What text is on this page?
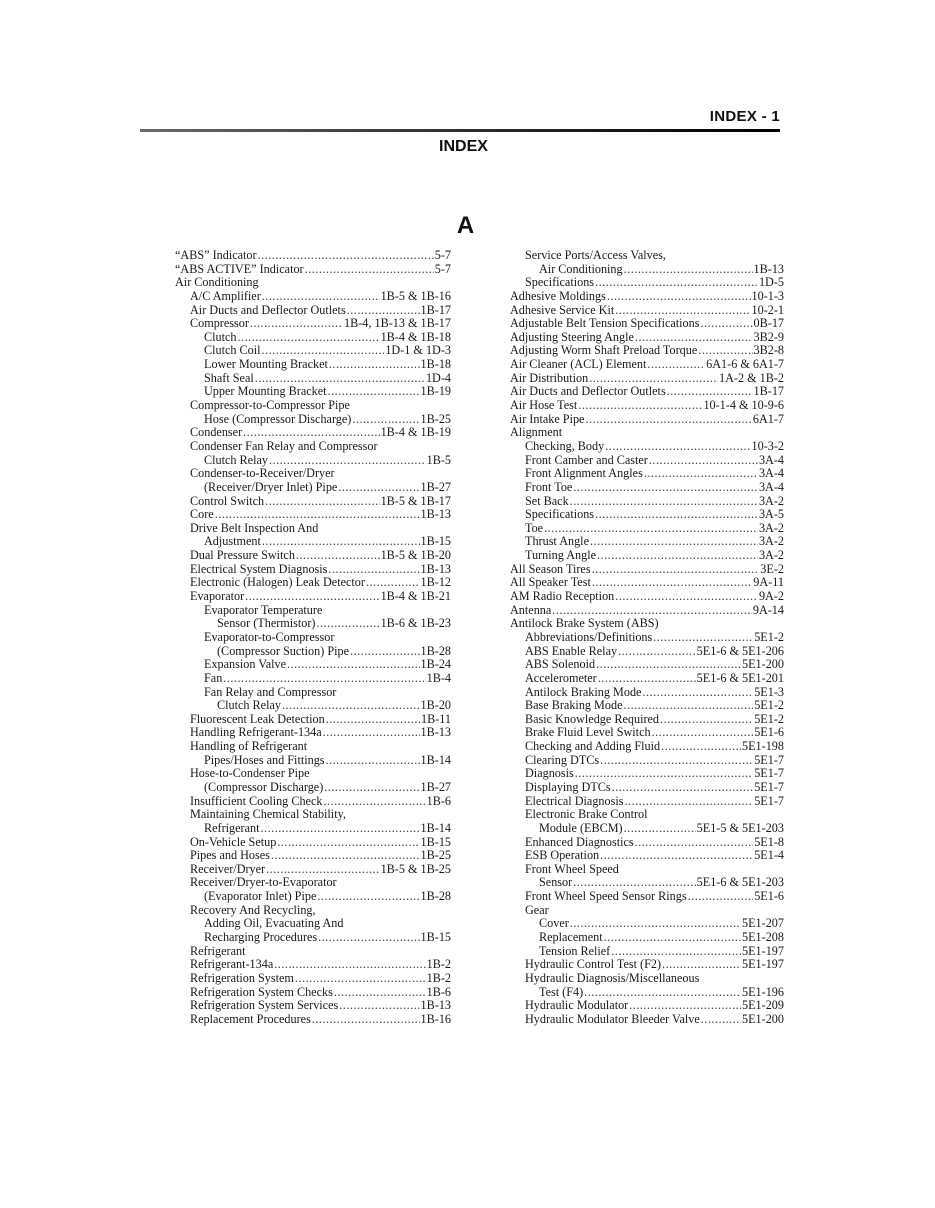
INDEX - 1
INDEX
A
“ABS” Indicator .....	5-7
“ABS ACTIVE” Indicator .....	5-7
Air Conditioning
A/C Amplifier .....	1B-5 & 1B-16
Air Ducts and Deflector Outlets .....	1B-17
Compressor .....	1B-4, 1B-13 & 1B-17
Clutch .....	1B-4 & 1B-18
Clutch Coil .....	1D-1 & 1D-3
Lower Mounting Bracket .....	1B-18
Shaft Seal .....	1D-4
Upper Mounting Bracket .....	1B-19
Compressor-to-Compressor Pipe
Hose (Compressor Discharge) .....	1B-25
Condenser .....	1B-4 & 1B-19
Condenser Fan Relay and Compressor
Clutch Relay .....	1B-5
Condenser-to-Receiver/Dryer
(Receiver/Dryer Inlet) Pipe .....	1B-27
Control Switch .....	1B-5 & 1B-17
Core .....	1B-13
Drive Belt Inspection And
Adjustment .....	1B-15
Dual Pressure Switch .....	1B-5 & 1B-20
Electrical System Diagnosis .....	1B-13
Electronic (Halogen) Leak Detector .....	1B-12
Evaporator .....	1B-4 & 1B-21
Evaporator Temperature
Sensor (Thermistor) .....	1B-6 & 1B-23
Evaporator-to-Compressor
(Compressor Suction) Pipe .....	1B-28
Expansion Valve .....	1B-24
Fan .....	1B-4
Fan Relay and Compressor
Clutch Relay .....	1B-20
Fluorescent Leak Detection .....	1B-11
Handling Refrigerant-134a .....	1B-13
Handling of Refrigerant
Pipes/Hoses and Fittings .....	1B-14
Hose-to-Condenser Pipe
(Compressor Discharge) .....	1B-27
Insufficient Cooling Check .....	1B-6
Maintaining Chemical Stability,
Refrigerant .....	1B-14
On-Vehicle Setup .....	1B-15
Pipes and Hoses .....	1B-25
Receiver/Dryer .....	1B-5 & 1B-25
Receiver/Dryer-to-Evaporator
(Evaporator Inlet) Pipe .....	1B-28
Recovery And Recycling,
Adding Oil, Evacuating And
Recharging Procedures .....	1B-15
Refrigerant
Refrigerant-134a .....	1B-2
Refrigeration System .....	1B-2
Refrigeration System Checks .....	1B-6
Refrigeration System Services .....	1B-13
Replacement Procedures .....	1B-16
Service Ports/Access Valves,
Air Conditioning .....	1B-13
Specifications .....	1D-5
Adhesive Moldings .....	10-1-3
Adhesive Service Kit .....	10-2-1
Adjustable Belt Tension Specifications .....	0B-17
Adjusting Steering Angle .....	3B2-9
Adjusting Worm Shaft Preload Torque .....	3B2-8
Air Cleaner (ACL) Element .....	6A1-6 & 6A1-7
Air Distribution .....	1A-2 & 1B-2
Air Ducts and Deflector Outlets .....	1B-17
Air Hose Test .....	10-1-4 & 10-9-6
Air Intake Pipe .....	6A1-7
Alignment
Checking, Body .....	10-3-2
Front Camber and Caster .....	3A-4
Front Alignment Angles .....	3A-4
Front Toe .....	3A-4
Set Back .....	3A-2
Specifications .....	3A-5
Toe .....	3A-2
Thrust Angle .....	3A-2
Turning Angle .....	3A-2
All Season Tires .....	3E-2
All Speaker Test .....	9A-11
AM Radio Reception .....	9A-2
Antenna .....	9A-14
Antilock Brake System (ABS)
Abbreviations/Definitions .....	5E1-2
ABS Enable Relay .....	5E1-6 & 5E1-206
ABS Solenoid .....	5E1-200
Accelerometer .....	5E1-6 & 5E1-201
Antilock Braking Mode .....	5E1-3
Base Braking Mode .....	5E1-2
Basic Knowledge Required .....	5E1-2
Brake Fluid Level Switch .....	5E1-6
Checking and Adding Fluid .....	5E1-198
Clearing DTCs .....	5E1-7
Diagnosis .....	5E1-7
Displaying DTCs .....	5E1-7
Electrical Diagnosis .....	5E1-7
Electronic Brake Control
Module (EBCM) .....	5E1-5 & 5E1-203
Enhanced Diagnostics .....	5E1-8
ESB Operation .....	5E1-4
Front Wheel Speed
Sensor .....	5E1-6 & 5E1-203
Front Wheel Speed Sensor Rings .....	5E1-6
Gear
Cover .....	5E1-207
Replacement .....	5E1-208
Tension Relief .....	5E1-197
Hydraulic Control Test (F2) .....	5E1-197
Hydraulic Diagnosis/Miscellaneous
Test (F4) .....	5E1-196
Hydraulic Modulator .....	5E1-209
Hydraulic Modulator Bleeder Valve .....	5E1-200
